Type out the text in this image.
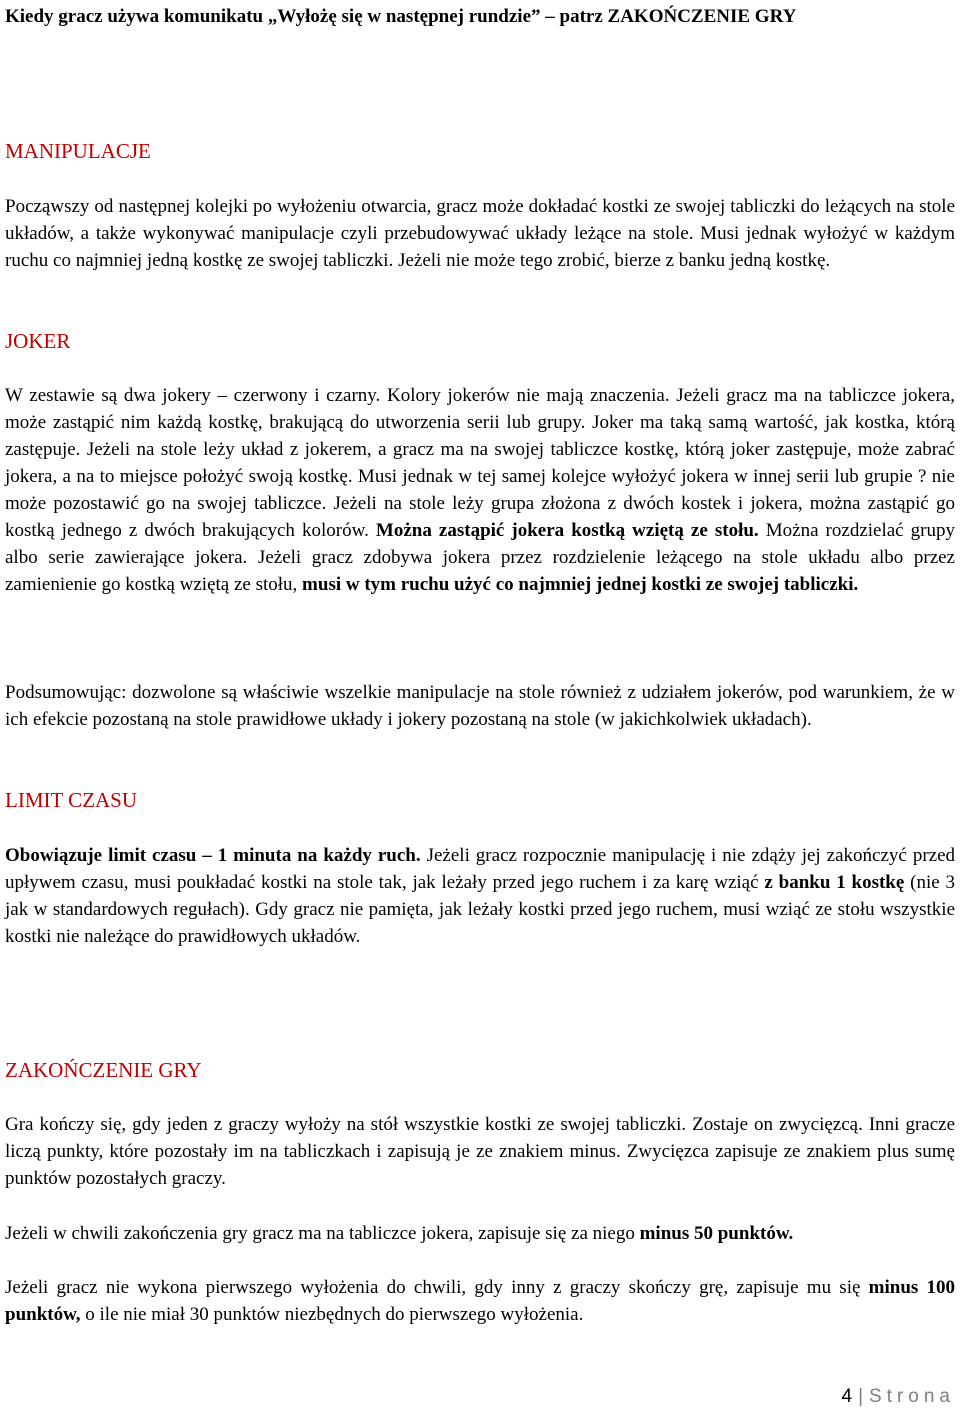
Kiedy gracz używa komunikatu „Wyłożę się w następnej rundzie” – patrz ZAKOŃCZENIE GRY

MANIPULACJE

Począwszy od następnej kolejki po wyłożeniu otwarcia, gracz może dokładać kostki ze swojej tabliczki do leżących na stole układów, a także wykonywać manipulacje czyli przebudowywać układy leżące na stole. Musi jednak wyłożyć w każdym ruchu co najmniej jedną kostkę ze swojej tabliczki. Jeżeli nie może tego zrobić, bierze z banku jedną kostkę.

JOKER

W zestawie są dwa jokery – czerwony i czarny. Kolory jokerów nie mają znaczenia. Jeżeli gracz ma na tabliczce jokera, może zastąpić nim każdą kostkę, brakującą do utworzenia serii lub grupy. Joker ma taką samą wartość, jak kostka, którą zastępuje. Jeżeli na stole leży układ z jokerem, a gracz ma na swojej tabliczce kostkę, którą joker zastępuje, może zabrać jokera, a na to miejsce położyć swoją kostkę. Musi jednak w tej samej kolejce wyłożyć jokera w innej serii lub grupie ? nie może pozostawić go na swojej tabliczce. Jeżeli na stole leży grupa złożona z dwóch kostek i jokera, można zastąpić go kostką jednego z dwóch brakujących kolorów. Można zastąpić jokera kostką wziętą ze stołu. Można rozdzielać grupy albo serie zawierające jokera. Jeżeli gracz zdobywa jokera przez rozdzielenie leżącego na stole układu albo przez zamienienie go kostką wziętą ze stołu, musi w tym ruchu użyć co najmniej jednej kostki ze swojej tabliczki.

Podsumowując: dozwolone są właściwie wszelkie manipulacje na stole również z udziałem jokerów, pod warunkiem, że w ich efekcie pozostaną na stole prawidłowe układy i jokery pozostaną na stole (w jakichkolwiek układach).

LIMIT CZASU

Obowiązuje limit czasu – 1 minuta na każdy ruch. Jeżeli gracz rozpocznie manipulację i nie zdąży jej zakończyć przed upływem czasu, musi poukładać kostki na stole tak, jak leżały przed jego ruchem i za karę wziąć z banku 1 kostkę (nie 3 jak w standardowych regułach). Gdy gracz nie pamięta, jak leżały kostki przed jego ruchem, musi wziąć ze stołu wszystkie kostki nie należące do prawidłowych układów.

ZAKOŃCZENIE GRY

Gra kończy się, gdy jeden z graczy wyłoży na stół wszystkie kostki ze swojej tabliczki. Zostaje on zwycięzcą. Inni gracze liczą punkty, które pozostały im na tabliczkach i zapisują je ze znakiem minus. Zwycięzca zapisuje ze znakiem plus sumę punktów pozostałych graczy.

Jeżeli w chwili zakończenia gry gracz ma na tabliczce jokera, zapisuje się za niego minus 50 punktów.

Jeżeli gracz nie wykona pierwszego wyłożenia do chwili, gdy inny z graczy skończy grę, zapisuje mu się minus 100 punktów, o ile nie miał 30 punktów niezbędnych do pierwszego wyłożenia.

4 | Strona
